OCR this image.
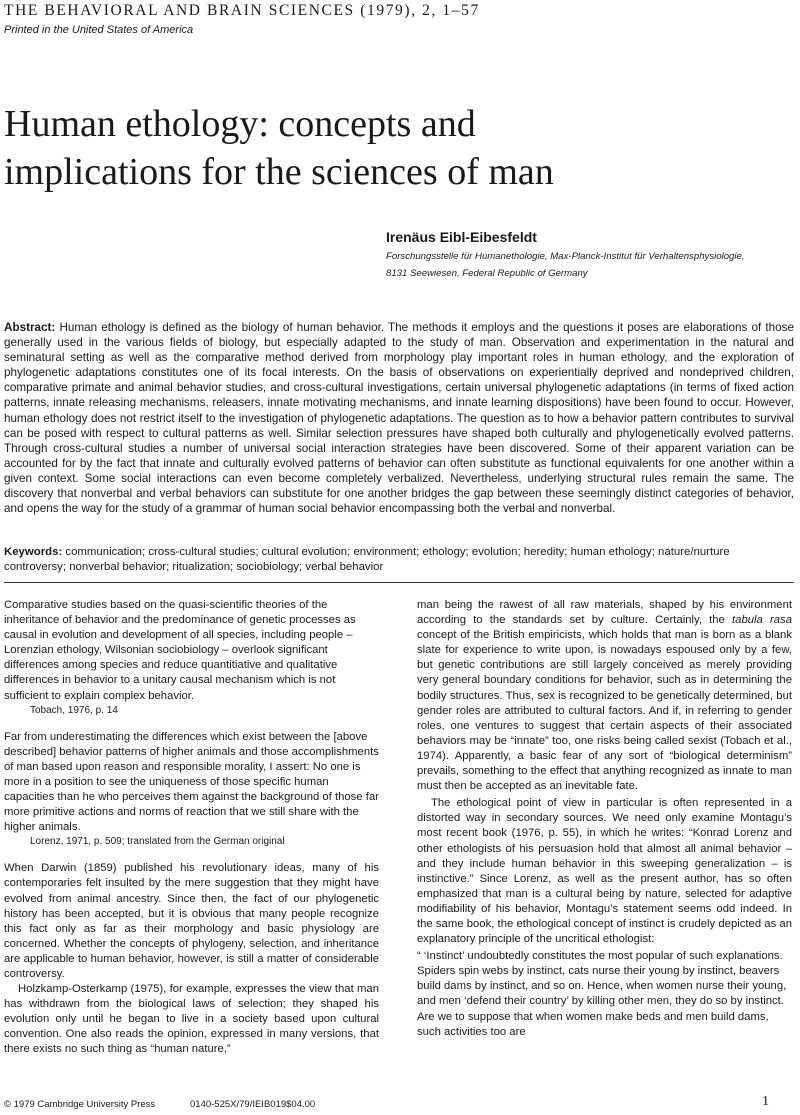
THE BEHAVIORAL AND BRAIN SCIENCES (1979), 2, 1–57
Printed in the United States of America
Human ethology: concepts and
implications for the sciences of man
Irenäus Eibl-Eibesfeldt
Forschungsstelle für Humanethologie, Max-Planck-Institut für Verhaltensphysiologie,
8131 Seewiesen, Federal Republic of Germany
Abstract: Human ethology is defined as the biology of human behavior. The methods it employs and the questions it poses are elaborations of those generally used in the various fields of biology, but especially adapted to the study of man. Observation and experimentation in the natural and seminatural setting as well as the comparative method derived from morphology play important roles in human ethology, and the exploration of phylogenetic adaptations constitutes one of its focal interests. On the basis of observations on experientially deprived and nondeprived children, comparative primate and animal behavior studies, and cross-cultural investigations, certain universal phylogenetic adaptations (in terms of fixed action patterns, innate releasing mechanisms, releasers, innate motivating mechanisms, and innate learning dispositions) have been found to occur. However, human ethology does not restrict itself to the investigation of phylogenetic adaptations. The question as to how a behavior pattern contributes to survival can be posed with respect to cultural patterns as well. Similar selection pressures have shaped both culturally and phylogenetically evolved patterns. Through cross-cultural studies a number of universal social interaction strategies have been discovered. Some of their apparent variation can be accounted for by the fact that innate and culturally evolved patterns of behavior can often substitute as functional equivalents for one another within a given context. Some social interactions can even become completely verbalized. Nevertheless, underlying structural rules remain the same. The discovery that nonverbal and verbal behaviors can substitute for one another bridges the gap between these seemingly distinct categories of behavior, and opens the way for the study of a grammar of human social behavior encompassing both the verbal and nonverbal.
Keywords: communication; cross-cultural studies; cultural evolution; environment; ethology; evolution; heredity; human ethology; nature/nurture controversy; nonverbal behavior; ritualization; sociobiology; verbal behavior

Comparative studies based on the quasi-scientific theories of the inheritance of behavior and the predominance of genetic processes as causal in evolution and development of all species, including people – Lorenzian ethology, Wilsonian sociobiology – overlook significant differences among species and reduce quantitiative and qualitative differences in behavior to a unitary causal mechanism which is not sufficient to explain complex behavior.

Tobach, 1976, p. 14

Far from underestimating the differences which exist between the [above described] behavior patterns of higher animals and those accomplishments of man based upon reason and responsible morality, I assert: No one is more in a position to see the uniqueness of those specific human capacities than he who perceives them against the background of those far more primitive actions and norms of reaction that we still share with the higher animals.

Lorenz, 1971, p. 509; translated from the German original

When Darwin (1859) published his revolutionary ideas, many of his contemporaries felt insulted by the mere suggestion that they might have evolved from animal ancestry. Since then, the fact of our phylogenetic history has been accepted, but it is obvious that many people recognize this fact only as far as their morphology and basic physiology are concerned. Whether the concepts of phylogeny, selection, and inheritance are applicable to human behavior, however, is still a matter of considerable controversy.

Holzkamp-Osterkamp (1975), for example, expresses the view that man has withdrawn from the biological laws of selection; they shaped his evolution only until he began to live in a society based upon cultural convention. One also reads the opinion, expressed in many versions, that there exists no such thing as “human nature,”

man being the rawest of all raw materials, shaped by his environment according to the standards set by culture. Certainly, the tabula rasa concept of the British empiricists, which holds that man is born as a blank slate for experience to write upon, is nowadays espoused only by a few, but genetic contributions are still largely conceived as merely providing very general boundary conditions for behavior, such as in determining the bodily structures. Thus, sex is recognized to be genetically determined, but gender roles are attributed to cultural factors. And if, in referring to gender roles, one ventures to suggest that certain aspects of their associated behaviors may be “innate” too, one risks being called sexist (Tobach et al., 1974). Apparently, a basic fear of any sort of “biological determinism” prevails, something to the effect that anything recognized as innate to man must then be accepted as an inevitable fate.

The ethological point of view in particular is often represented in a distorted way in secondary sources. We need only examine Montagu’s most recent book (1976, p. 55), in which he writes: “Konrad Lorenz and other ethologists of his persuasion hold that almost all animal behavior – and they include human behavior in this sweeping generalization – is instinctive.” Since Lorenz, as well as the present author, has so often emphasized that man is a cultural being by nature, selected for adaptive modifiability of his behavior, Montagu’s statement seems odd indeed. In the same book, the ethological concept of instinct is crudely depicted as an explanatory principle of the uncritical ethologist:

“ ‘Instinct’ undoubtedly constitutes the most popular of such explanations. Spiders spin webs by instinct, cats nurse their young by instinct, beavers build dams by instinct, and so on. Hence, when women nurse their young, and men ‘defend their country’ by killing other men, they do so by instinct. Are we to suppose that when women make beds and men build dams, such activities too are

© 1979 Cambridge University Press	0140-525X/79/IEIB019$04.00	1
